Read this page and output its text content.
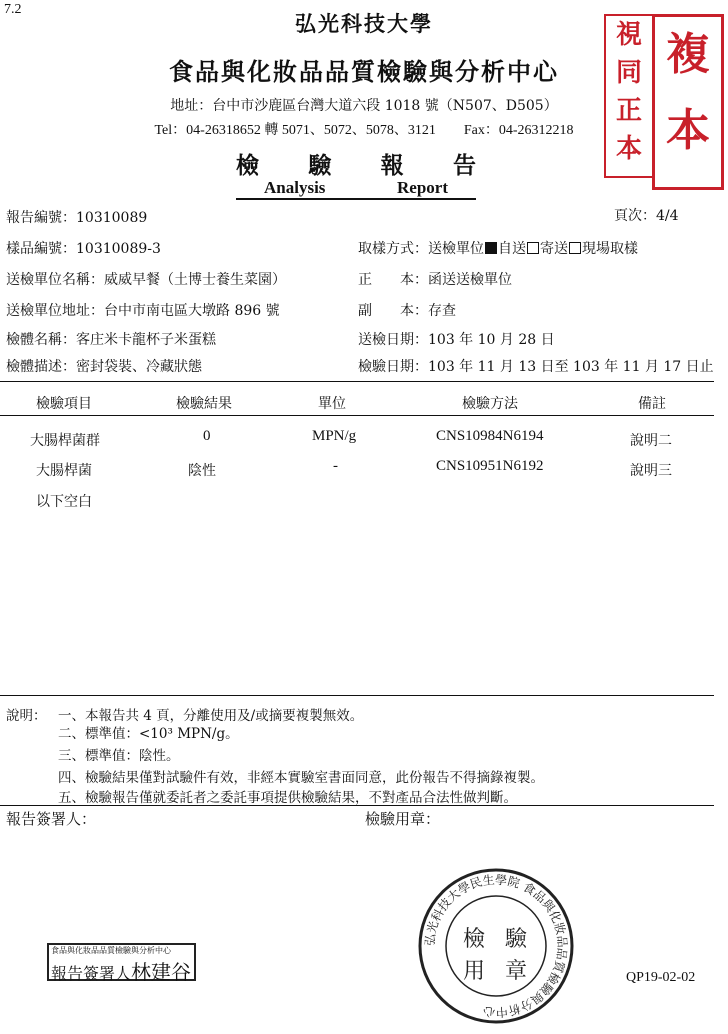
7.2
弘光科技大學
食品與化妝品品質檢驗與分析中心
地址：台中市沙鹿區台灣大道六段 1018 號（N507、D505）
Tel：04-26318652 轉 5071、5072、5078、3121 Fax：04-26312218
檢 驗 報 告
Analysis	Report
視
同
正
本
複
本
報告編號：10310089	頁次：4/4
樣品編號：10310089-3	取樣方式：送檢單位 自送 寄送 現場取樣
送檢單位名稱：威威早餐（土博士養生菜園）	正　　本：函送送檢單位
送檢單位地址：台中市南屯區大墩路 896 號	副　　本：存查
檢體名稱：客庄米卡龍杯子米蛋糕	送檢日期：103 年 10 月 28 日
檢體描述：密封袋裝、冷藏狀態	檢驗日期：103 年 11 月 13 日至 103 年 11 月 17 日止
檢驗項目	檢驗結果	單位	檢驗方法	備註
大腸桿菌群	0	MPN/g	CNS10984N6194	說明二
大腸桿菌	陰性	-	CNS10951N6192	說明三
以下空白
說明： 一、本報告共 4 頁，分離使用及/或摘要複製無效。
二、標準值：<10³ MPN/g。
三、標準值：陰性。
四、檢驗結果僅對試驗件有效，非經本實驗室書面同意，此份報告不得摘錄複製。
五、檢驗報告僅就委託者之委託事項提供檢驗結果，不對產品合法性做判斷。
報告簽署人：	檢驗用章：
弘光科技大學民生學院 食品與化妝品品質檢驗與分析中心
檢 驗
用 章
食品與化妝品品質檢驗與分析中心
報告簽署人林建谷	QP19-02-02
